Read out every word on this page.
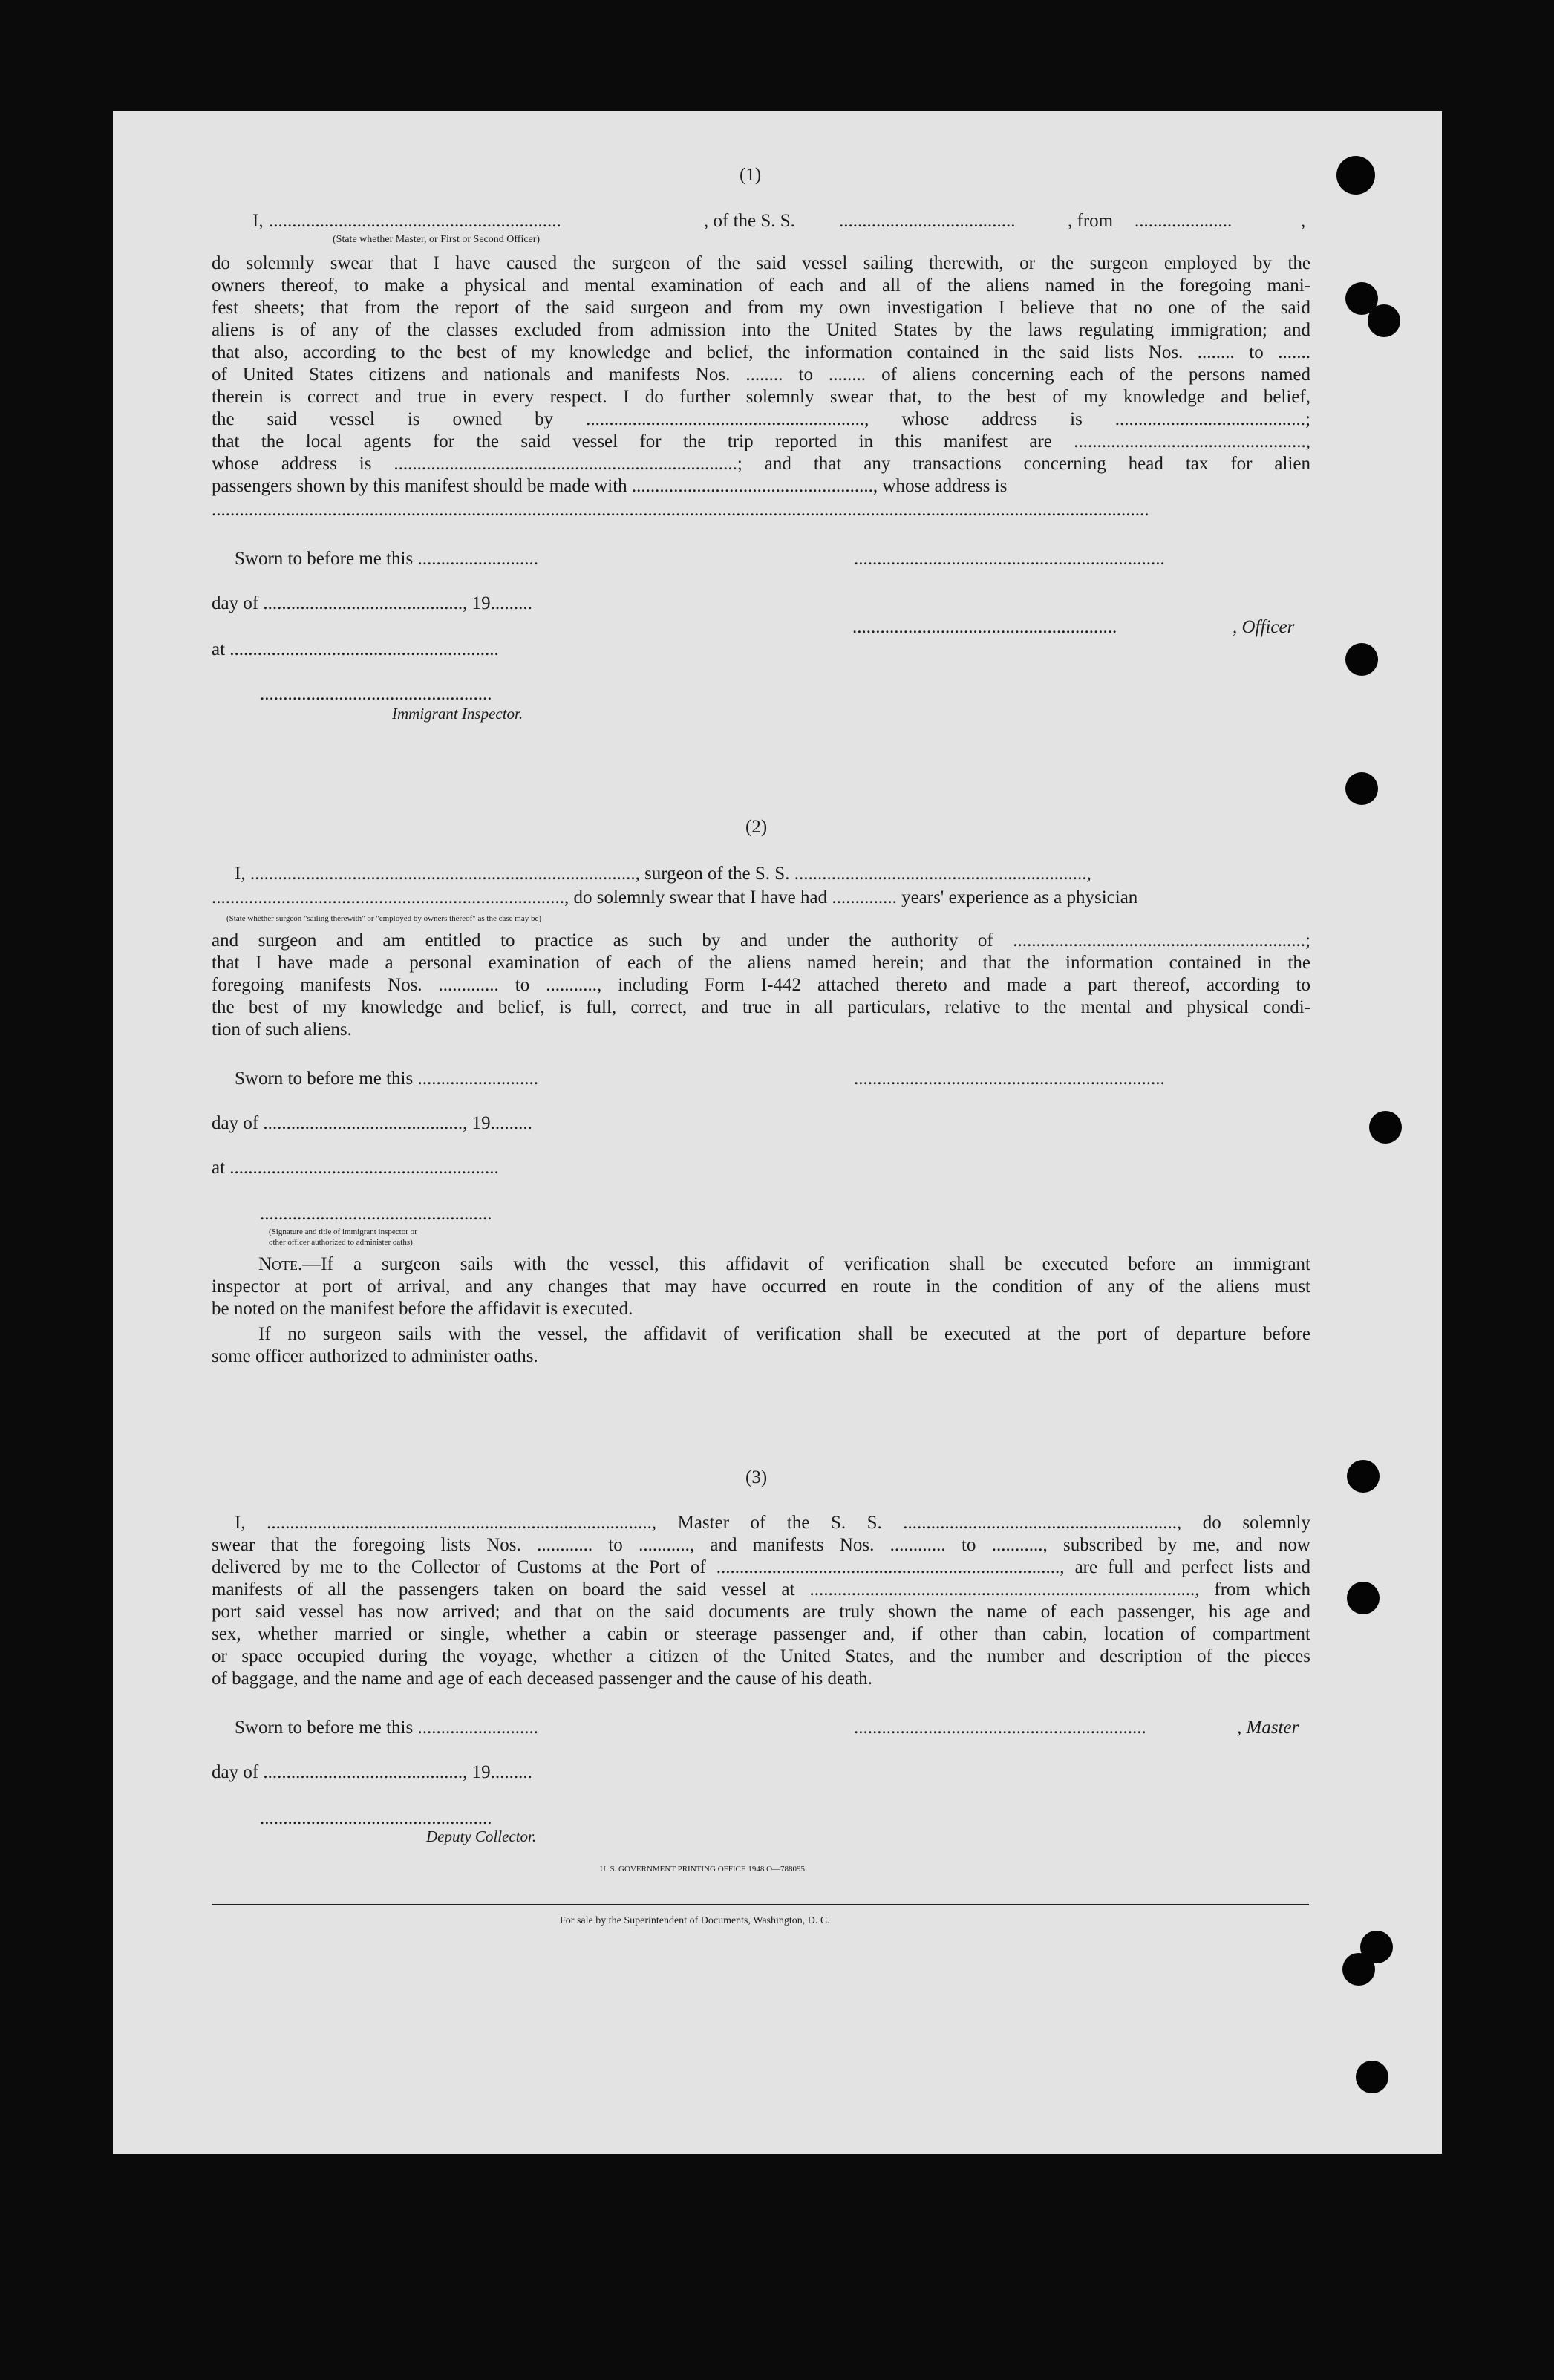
(1)
I, ...............................................................	, of the S. S. ......................................	, from .....................	,
(State whether Master, or First or Second Officer)
do solemnly swear that I have caused the surgeon of the said vessel sailing therewith, or the surgeon employed by the
owners thereof, to make a physical and mental examination of each and all of the aliens named in the foregoing mani-
fest sheets; that from the report of the said surgeon and from my own investigation I believe that no one of the said
aliens is of any of the classes excluded from admission into the United States by the laws regulating immigration; and
that also, according to the best of my knowledge and belief, the information contained in the said lists Nos. ........ to .......
of United States citizens and nationals and manifests Nos. ........ to ........ of aliens concerning each of the persons named
therein is correct and true in every respect. I do further solemnly swear that, to the best of my knowledge and belief,
the said vessel is owned by ............................................................, whose address is .........................................;
that the local agents for the said vessel for the trip reported in this manifest are ..................................................,
whose address is ..........................................................................; and that any transactions concerning head tax for alien
passengers shown by this manifest should be made with ...................................................., whose address is
..........................................................................................................................................................................................................
Sworn to before me this ..........................	...................................................................
day of ..........................................., 19.........
.........................................................	, Officer
at ..........................................................
..................................................
Immigrant Inspector.
(2)
I, ..................................................................................., surgeon of the S. S. ...............................................................,
............................................................................, do solemnly swear that I have had .............. years' experience as a physician
(State whether surgeon "sailing therewith" or "employed by owners thereof" as the case may be)
and surgeon and am entitled to practice as such by and under the authority of ...............................................................;
that I have made a personal examination of each of the aliens named herein; and that the information contained in the
foregoing manifests Nos. ............. to ..........., including Form I-442 attached thereto and made a part thereof, according to
the best of my knowledge and belief, is full, correct, and true in all particulars, relative to the mental and physical condi-
tion of such aliens.
Sworn to before me this ..........................	...................................................................
day of ..........................................., 19.........
at ..........................................................
..................................................
(Signature and title of immigrant inspector or
other officer authorized to administer oaths)
Note.—If a surgeon sails with the vessel, this affidavit of verification shall be executed before an immigrant
inspector at port of arrival, and any changes that may have occurred en route in the condition of any of the aliens must
be noted on the manifest before the affidavit is executed.
If no surgeon sails with the vessel, the affidavit of verification shall be executed at the port of departure before
some officer authorized to administer oaths.
(3)
I, ..................................................................................., Master of the S. S. ..........................................................., do solemnly
swear that the foregoing lists Nos. ............ to ..........., and manifests Nos. ............ to ..........., subscribed by me, and now
delivered by me to the Collector of Customs at the Port of .........................................................................., are full and perfect lists and
manifests of all the passengers taken on board the said vessel at ..................................................................................., from which
port said vessel has now arrived; and that on the said documents are truly shown the name of each passenger, his age and
sex, whether married or single, whether a cabin or steerage passenger and, if other than cabin, location of compartment
or space occupied during the voyage, whether a citizen of the United States, and the number and description of the pieces
of baggage, and the name and age of each deceased passenger and the cause of his death.
Sworn to before me this ..........................	...............................................................	, Master
day of ..........................................., 19.........
..................................................
Deputy Collector.
U. S. GOVERNMENT PRINTING OFFICE 1948 O—788095
For sale by the Superintendent of Documents, Washington, D. C.
